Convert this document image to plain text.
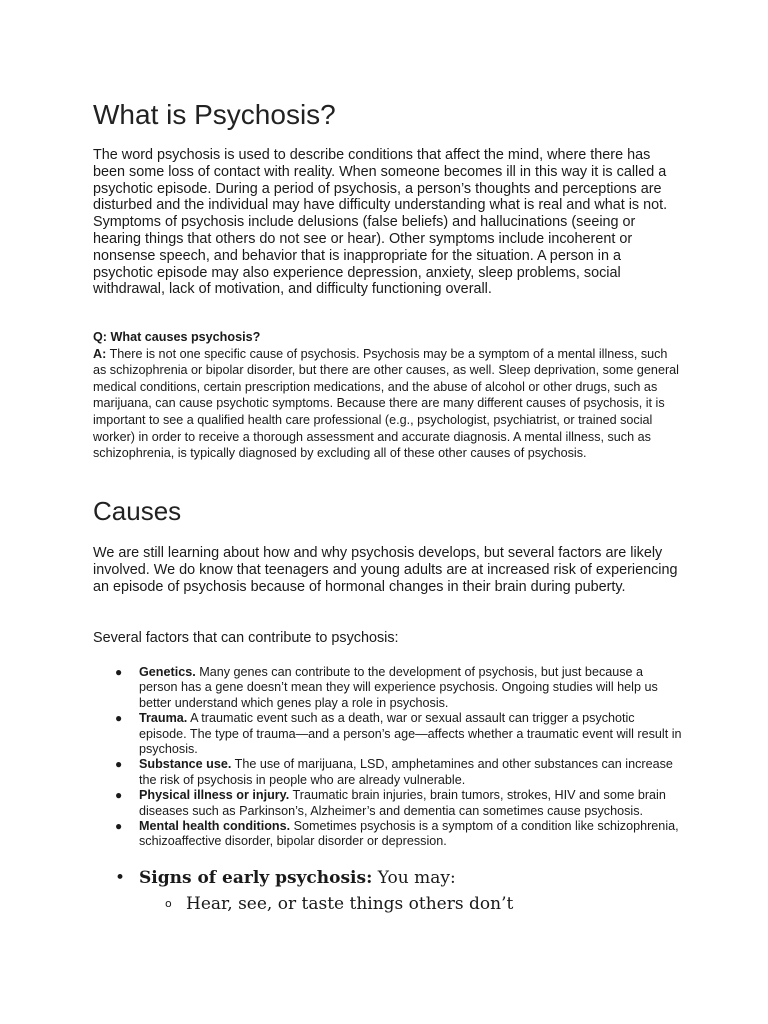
What is Psychosis?

The word psychosis is used to describe conditions that affect the mind, where there has been some loss of contact with reality. When someone becomes ill in this way it is called a psychotic episode. During a period of psychosis, a person’s thoughts and perceptions are disturbed and the individual may have difficulty understanding what is real and what is not. Symptoms of psychosis include delusions (false beliefs) and hallucinations (seeing or hearing things that others do not see or hear). Other symptoms include incoherent or nonsense speech, and behavior that is inappropriate for the situation. A person in a psychotic episode may also experience depression, anxiety, sleep problems, social withdrawal, lack of motivation, and difficulty functioning overall.

Q: What causes psychosis?
A: There is not one specific cause of psychosis. Psychosis may be a symptom of a mental illness, such as schizophrenia or bipolar disorder, but there are other causes, as well. Sleep deprivation, some general medical conditions, certain prescription medications, and the abuse of alcohol or other drugs, such as marijuana, can cause psychotic symptoms. Because there are many different causes of psychosis, it is important to see a qualified health care professional (e.g., psychologist, psychiatrist, or trained social worker) in order to receive a thorough assessment and accurate diagnosis. A mental illness, such as schizophrenia, is typically diagnosed by excluding all of these other causes of psychosis.

Causes

We are still learning about how and why psychosis develops, but several factors are likely involved. We do know that teenagers and young adults are at increased risk of experiencing an episode of psychosis because of hormonal changes in their brain during puberty.

Several factors that can contribute to psychosis:

● Genetics. Many genes can contribute to the development of psychosis, but just because a person has a gene doesn’t mean they will experience psychosis. Ongoing studies will help us better understand which genes play a role in psychosis.
● Trauma. A traumatic event such as a death, war or sexual assault can trigger a psychotic episode. The type of trauma—and a person’s age—affects whether a traumatic event will result in psychosis.
● Substance use. The use of marijuana, LSD, amphetamines and other substances can increase the risk of psychosis in people who are already vulnerable.
● Physical illness or injury. Traumatic brain injuries, brain tumors, strokes, HIV and some brain diseases such as Parkinson’s, Alzheimer’s and dementia can sometimes cause psychosis.
● Mental health conditions. Sometimes psychosis is a symptom of a condition like schizophrenia, schizoaffective disorder, bipolar disorder or depression.
• Signs of early psychosis: You may:
o Hear, see, or taste things others don’t
